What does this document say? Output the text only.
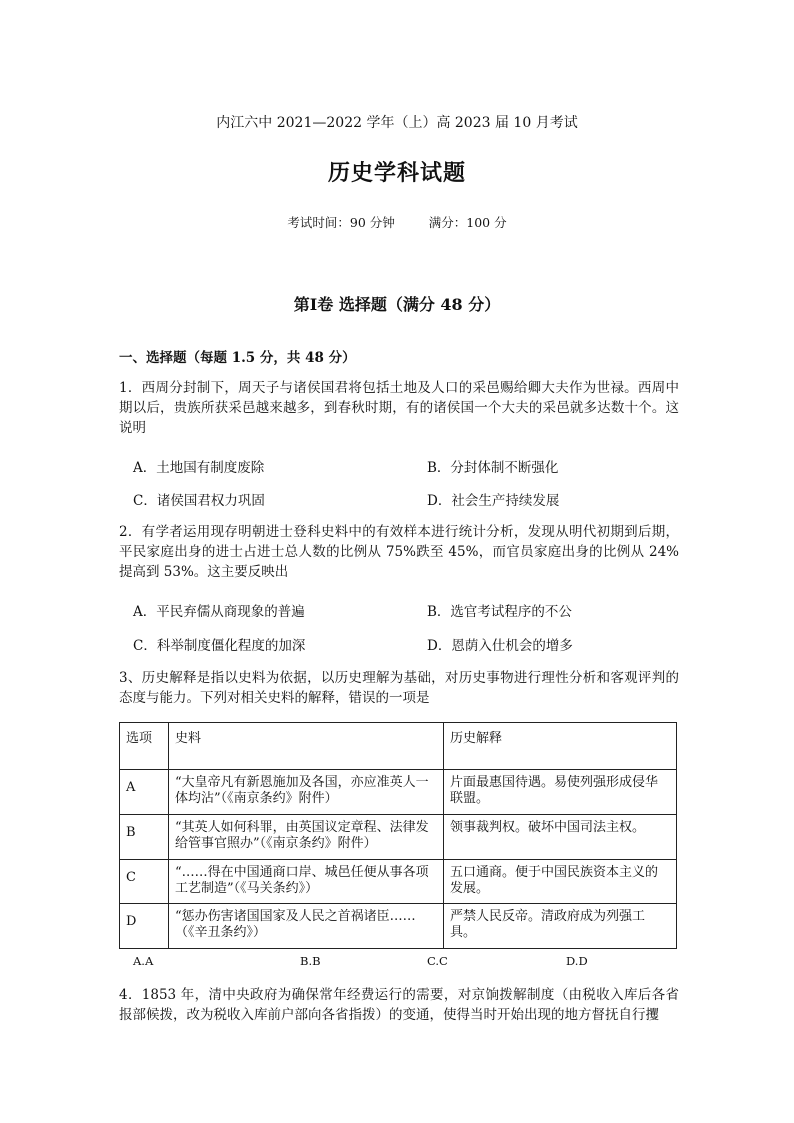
内江六中 2021—2022 学年（上）高 2023 届 10 月考试
历史学科试题
考试时间：90 分钟	满分：100 分
第Ⅰ卷 选择题（满分 48 分）
一、选择题（每题 1.5 分，共 48 分）
1．西周分封制下，周天子与诸侯国君将包括土地及人口的采邑赐给卿大夫作为世禄。西周中期以后，贵族所获采邑越来越多，到春秋时期，有的诸侯国一个大夫的采邑就多达数十个。这说明
A．土地国有制度废除	B．分封体制不断强化
C．诸侯国君权力巩固	D．社会生产持续发展
2．有学者运用现存明朝进士登科史料中的有效样本进行统计分析，发现从明代初期到后期，平民家庭出身的进士占进士总人数的比例从 75%跌至 45%，而官员家庭出身的比例从 24%提高到 53%。这主要反映出
A．平民弃儒从商现象的普遍	B．选官考试程序的不公
C．科举制度僵化程度的加深	D．恩荫入仕机会的增多
3、历史解释是指以史料为依据，以历史理解为基础，对历史事物进行理性分析和客观评判的态度与能力。下列对相关史料的解释，错误的一项是
选项	史料	历史解释
A	“大皇帝凡有新恩施加及各国，亦应准英人一体均沾”（《南京条约》附件）	片面最惠国待遇。易使列强形成侵华联盟。
B	“其英人如何科罪，由英国议定章程、法律发给管事官照办”（《南京条约》附件）	领事裁判权。破坏中国司法主权。
C	“……得在中国通商口岸、城邑任便从事各项工艺制造”（《马关条约》）	五口通商。便于中国民族资本主义的发展。
D	“惩办伤害诸国国家及人民之首祸诸臣……（《辛丑条约》）	严禁人民反帝。清政府成为列强工具。
A.A	B.B	C.C	D.D
4．1853 年，清中央政府为确保常年经费运行的需要，对京饷拨解制度（由税收入库后各省报部候拨，改为税收入库前户部向各省指拨）的变通，使得当时开始出现的地方督抚自行攫
